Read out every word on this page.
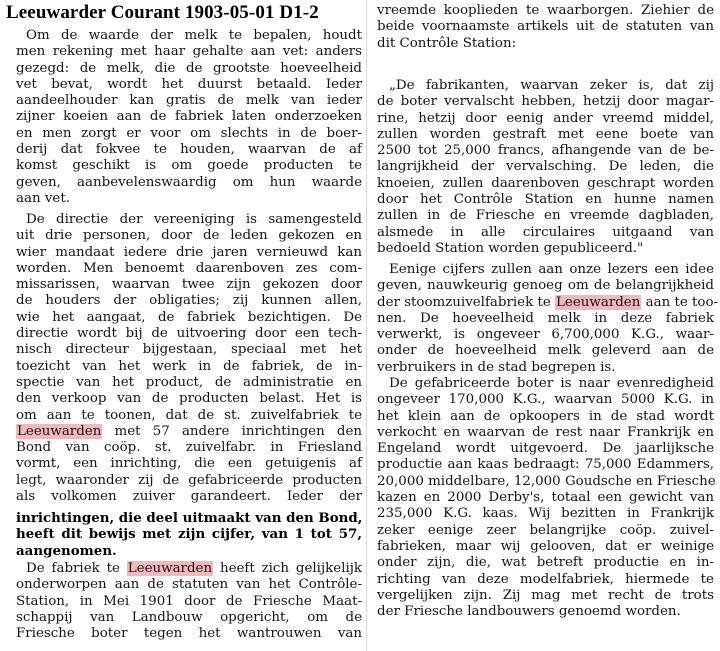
Leeuwarder Courant 1903-05-01 D1-2
Om de waarde der melk te bepalen, houdt
men rekening met haar gehalte aan vet: anders
gezegd: de melk, die de grootste hoeveelheid
vet bevat, wordt het duurst betaald. Ieder
aandeelhouder kan gratis de melk van ieder
zijner koeien aan de fabriek laten onderzoeken
en men zorgt er voor om slechts in de boer-
derij dat fokvee te houden, waarvan de af
komst geschikt is om goede producten te
geven, aanbevelenswaardig om hun waarde
aan vet.
De directie der vereeniging is samengesteld
uit drie personen, door de leden gekozen en
wier mandaat iedere drie jaren vernieuwd kan
worden. Men benoemt daarenboven zes com-
missarissen, waarvan twee zijn gekozen door
de houders der obligaties; zij kunnen allen,
wie het aangaat, de fabriek bezichtigen. De
directie wordt bij de uitvoering door een tech-
nisch directeur bijgestaan, speciaal met het
toezicht van het werk in de fabriek, de in-
spectie van het product, de administratie en
den verkoop van de producten belast. Het is
om aan te toonen, dat de st. zuivelfabriek te
Leeuwarden met 57 andere inrichtingen den
Bond van coöp. st. zuivelfabr. in Friesland
vormt, een inrichting, die een getuigenis af
legt, waaronder zij de gefabriceerde producten
als volkomen zuiver garandeert. Ieder der
inrichtingen, die deel uitmaakt van den Bond,
heeft dit bewijs met zijn cijfer, van 1 tot 57,
aangenomen.
De fabriek te Leeuwarden heeft zich gelijkelijk
onderworpen aan de statuten van het Contrôle-
Station, in Mei 1901 door de Friesche Maat-
schappij van Landbouw opgericht, om de
Friesche boter tegen het wantrouwen van
vreemde kooplieden te waarborgen. Ziehier de
beide voornaamste artikels uit de statuten van
dit Contrôle Station:
„De fabrikanten, waarvan zeker is, dat zij
de boter vervalscht hebben, hetzij door magar-
rine, hetzij door eenig ander vreemd middel,
zullen worden gestraft met eene boete van
2500 tot 25,000 francs, afhangende van de be-
langrijkheid der vervalsching. De leden, die
knoeien, zullen daarenboven geschrapt worden
door het Contrôle Station en hunne namen
zullen in de Friesche en vreemde dagbladen,
alsmede in alle circulaires uitgaand van
bedoeld Station worden gepubliceerd."
Eenige cijfers zullen aan onze lezers een idee
geven, nauwkeurig genoeg om de belangrijkheid
der stoomzuivelfabriek te Leeuwarden aan te too-
nen. De hoeveelheid melk in deze fabriek
verwerkt, is ongeveer 6,700,000 K.G., waar-
onder de hoeveelheid melk geleverd aan de
verbruikers in de stad begrepen is.
De gefabriceerde boter is naar evenredigheid
ongeveer 170,000 K.G., waarvan 5000 K.G. in
het klein aan de opkoopers in de stad wordt
verkocht en waarvan de rest naar Frankrijk en
Engeland wordt uitgevoerd. De jaarlijksche
productie aan kaas bedraagt: 75,000 Edammers,
20,000 middelbare, 12,000 Goudsche en Friesche
kazen en 2000 Derby's, totaal een gewicht van
235,000 K.G. kaas. Wij bezitten in Frankrijk
zeker eenige zeer belangrijke coöp. zuivel-
fabrieken, maar wij gelooven, dat er weinige
onder zijn, die, wat betreft productie en in-
richting van deze modelfabriek, hiermede te
vergelijken zijn. Zij mag met recht de trots
der Friesche landbouwers genoemd worden.
